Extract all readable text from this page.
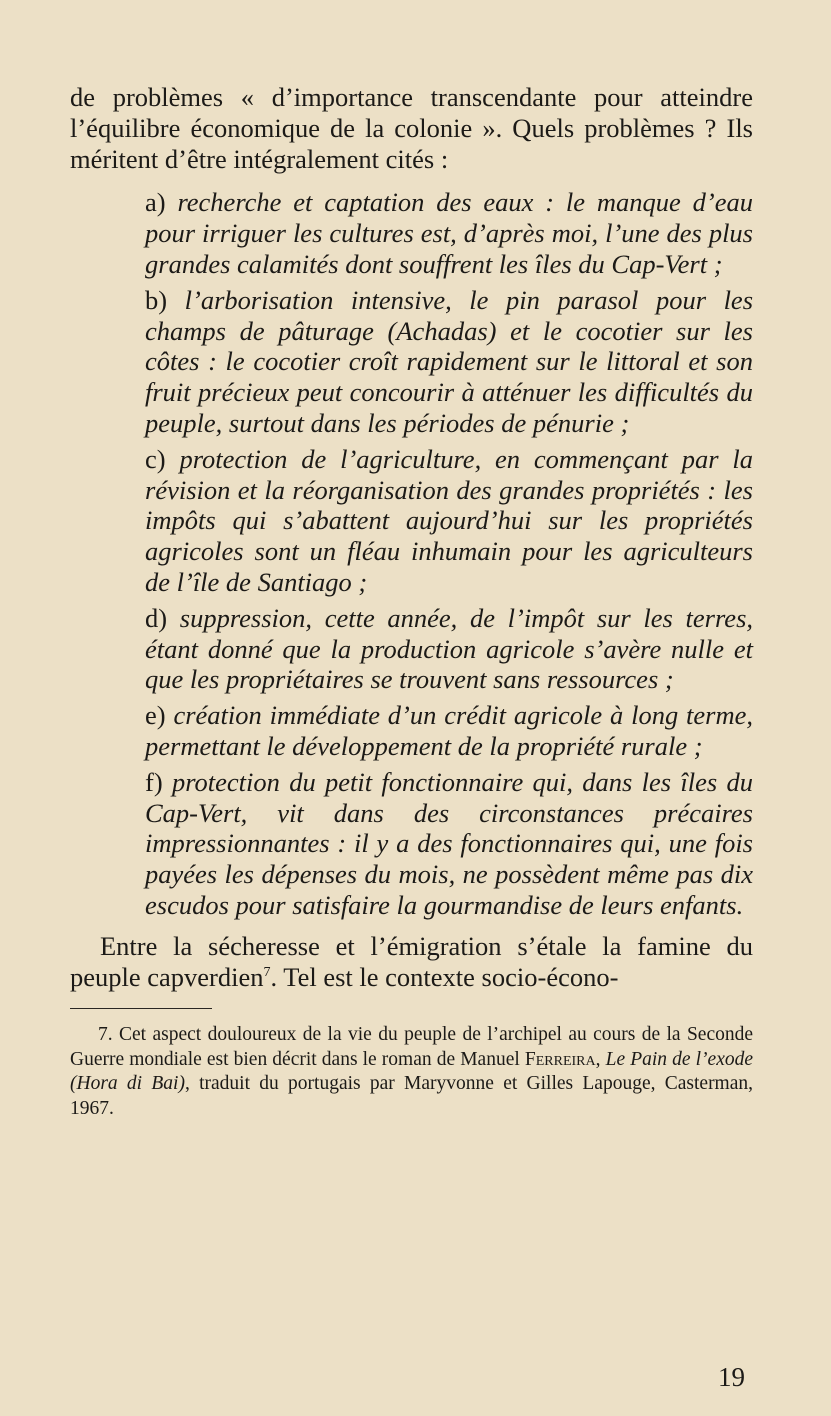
de problèmes « d’importance transcendante pour atteindre l’équilibre économique de la colonie ». Quels problèmes ? Ils méritent d’être intégralement cités :

a) recherche et captation des eaux : le manque d’eau pour irriguer les cultures est, d’après moi, l’une des plus grandes calamités dont souffrent les îles du Cap-Vert ;

b) l’arborisation intensive, le pin parasol pour les champs de pâturage (Achadas) et le cocotier sur les côtes : le cocotier croît rapidement sur le littoral et son fruit précieux peut concourir à atténuer les difficultés du peuple, surtout dans les périodes de pénurie ;

c) protection de l’agriculture, en commençant par la révision et la réorganisation des grandes propriétés : les impôts qui s’abattent aujourd’hui sur les propriétés agricoles sont un fléau inhumain pour les agriculteurs de l’île de Santiago ;

d) suppression, cette année, de l’impôt sur les terres, étant donné que la production agricole s’avère nulle et que les propriétaires se trouvent sans ressources ;

e) création immédiate d’un crédit agricole à long terme, permettant le développement de la propriété rurale ;

f) protection du petit fonctionnaire qui, dans les îles du Cap-Vert, vit dans des circonstances précaires impressionnantes : il y a des fonctionnaires qui, une fois payées les dépenses du mois, ne possèdent même pas dix escudos pour satisfaire la gourmandise de leurs enfants.

Entre la sécheresse et l’émigration s’étale la famine du peuple capverdien$^7$. Tel est le contexte socio-écono-

7. Cet aspect douloureux de la vie du peuple de l’archipel au cours de la Seconde Guerre mondiale est bien décrit dans le roman de Manuel Ferreira, Le Pain de l’exode (Hora di Bai), traduit du portugais par Maryvonne et Gilles Lapouge, Casterman, 1967.

19
